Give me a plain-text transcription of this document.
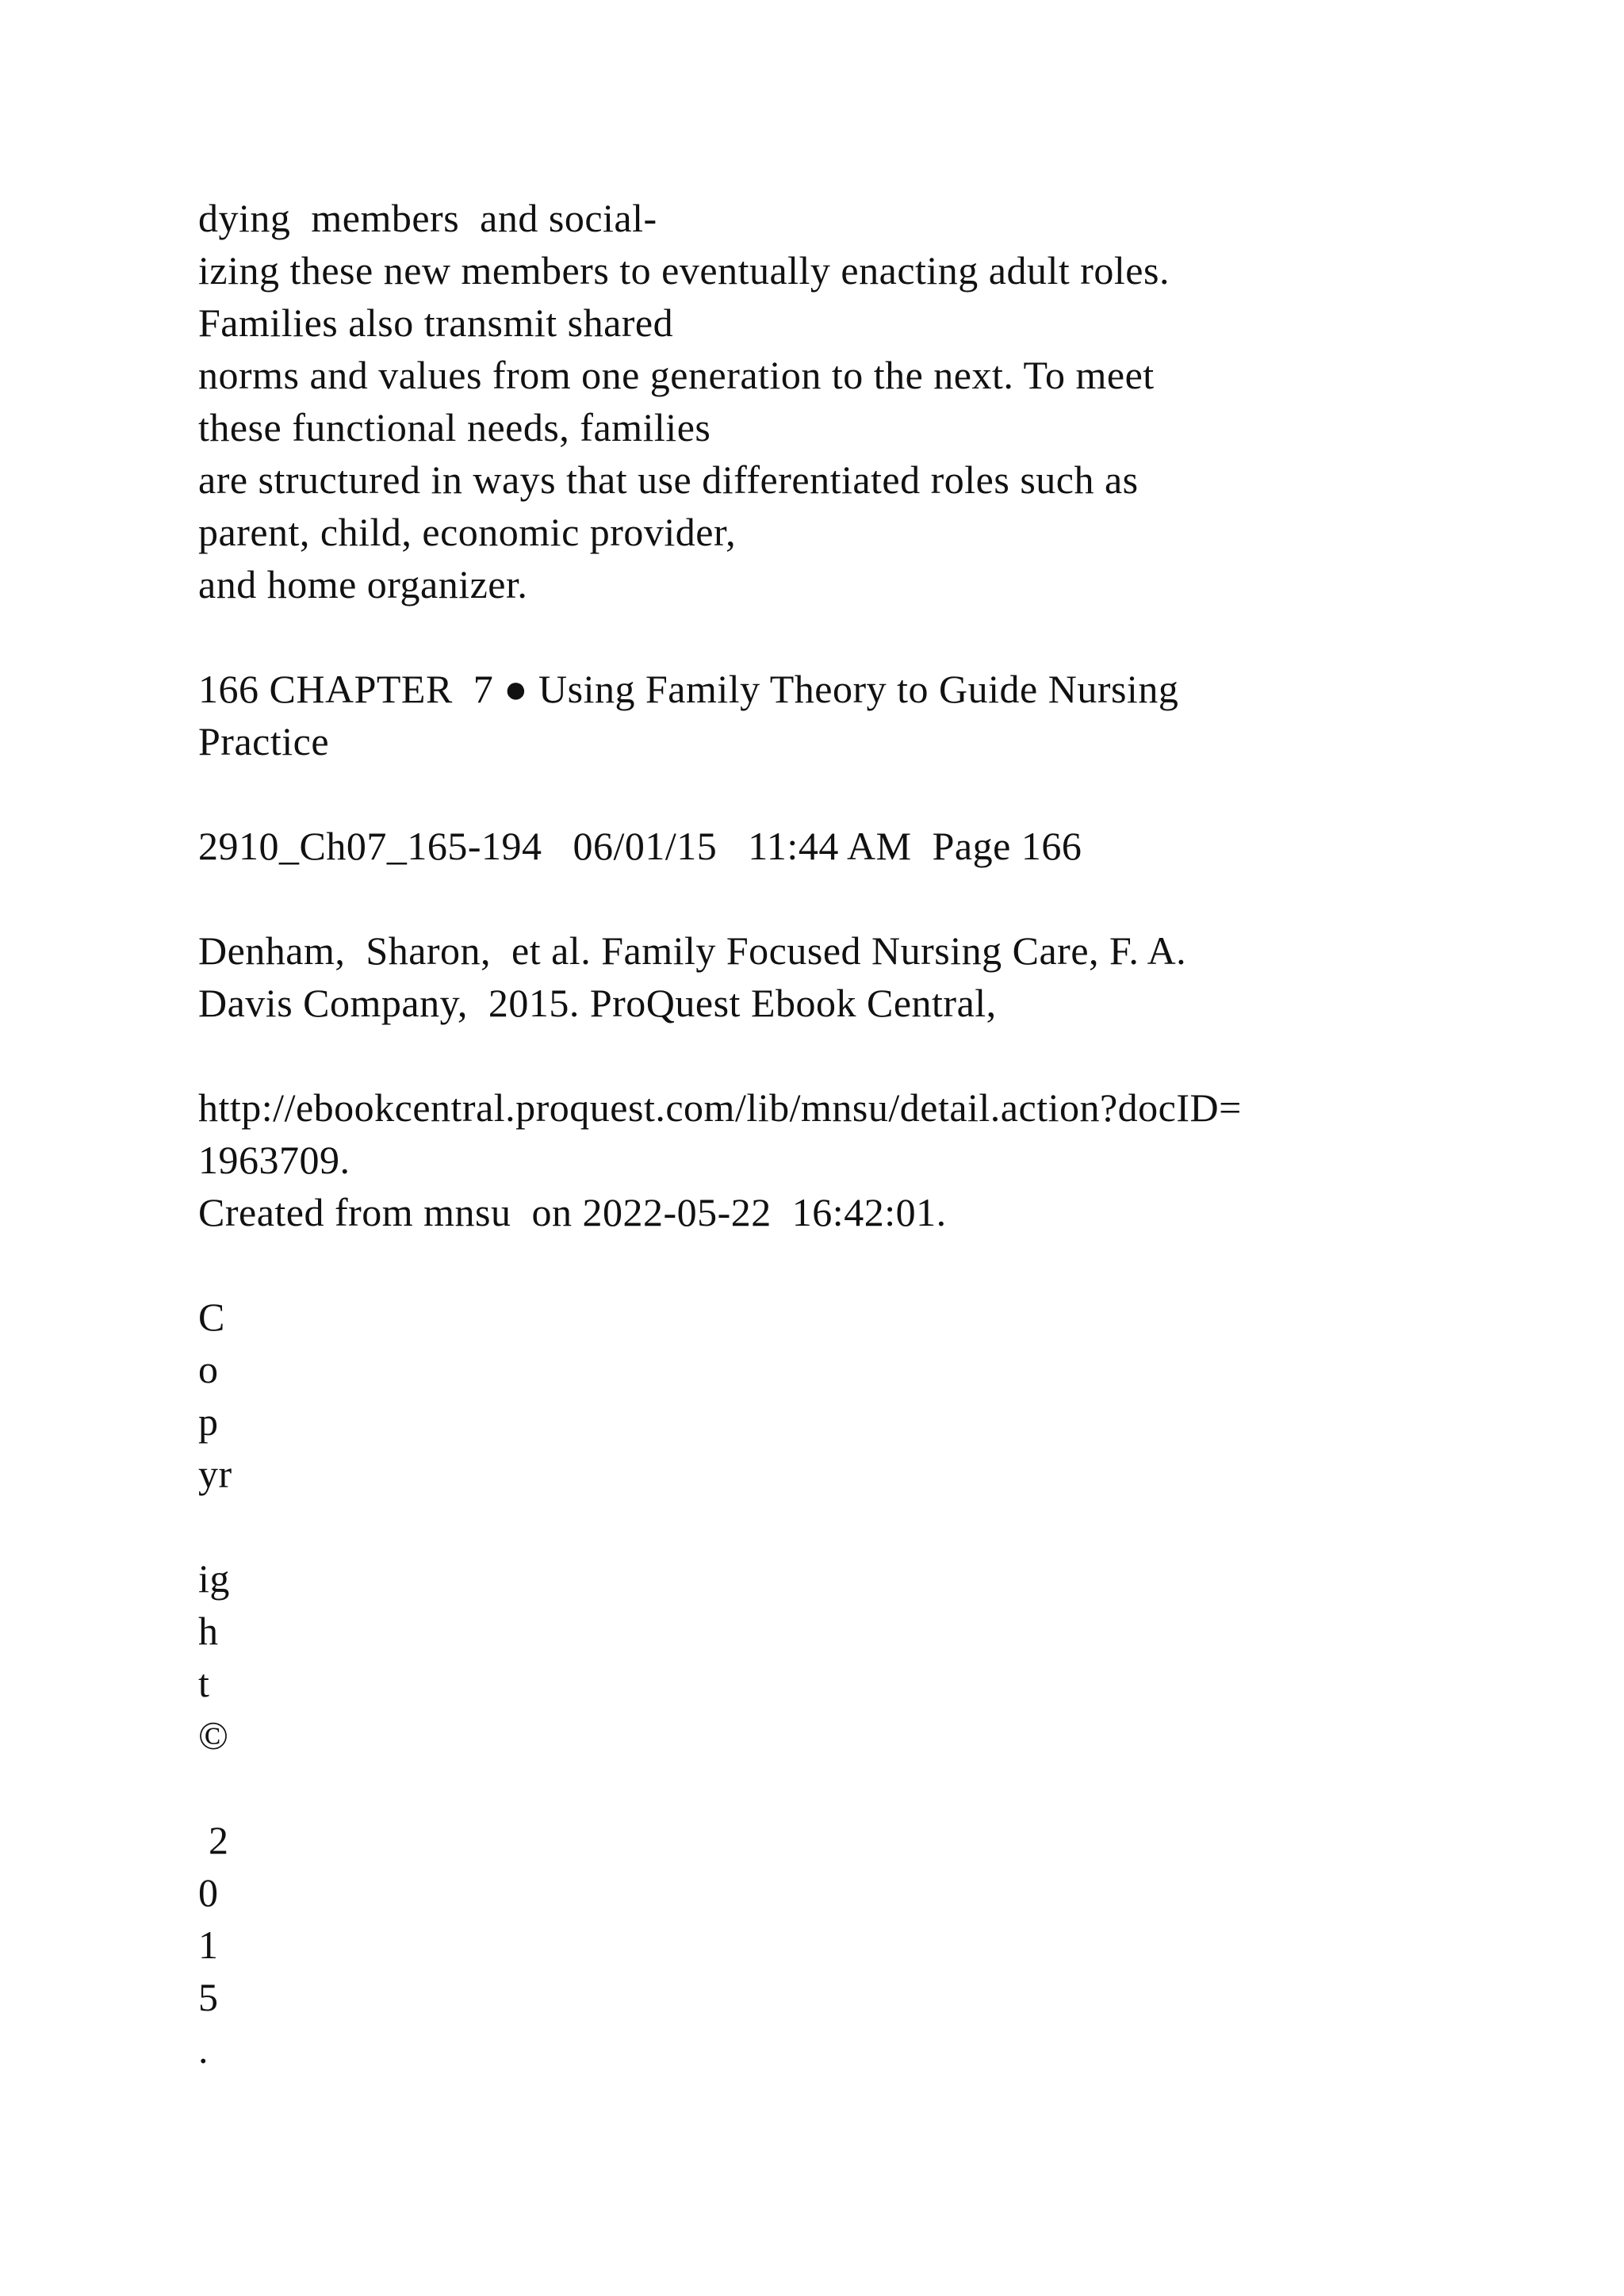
dying  members  and social-
izing these new members to eventually enacting adult roles.
Families also transmit shared
norms and values from one generation to the next. To meet
these functional needs, families
are structured in ways that use differentiated roles such as
parent, child, economic provider,
and home organizer.
166 CHAPTER  7 ● Using Family Theory to Guide Nursing
Practice
2910_Ch07_165-194   06/01/15   11:44 AM  Page 166
Denham,  Sharon,  et al. Family Focused Nursing Care, F. A.
Davis Company,  2015. ProQuest Ebook Central,
http://ebookcentral.proquest.com/lib/mnsu/detail.action?docID=
1963709.
Created from mnsu  on 2022-05-22  16:42:01.
C
o
p
yr
ig
h
t
©
2
0
1
5
.
